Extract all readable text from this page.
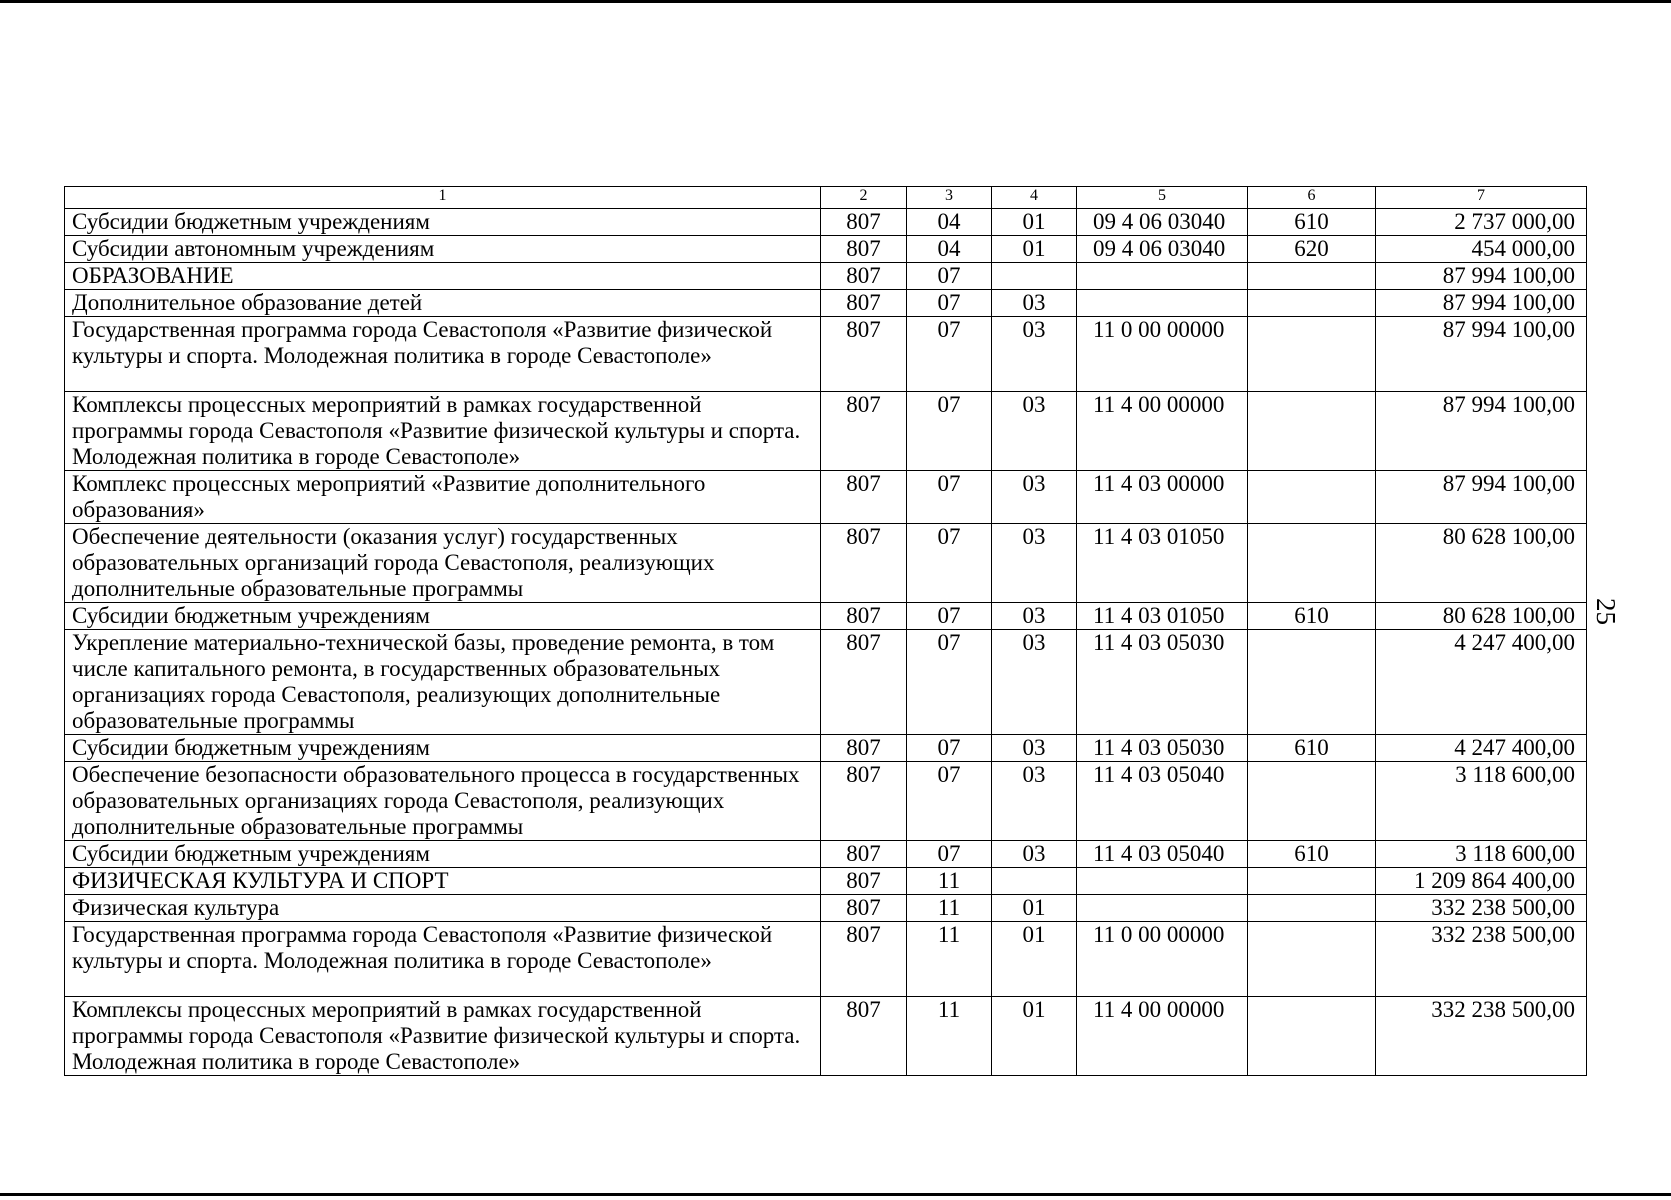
1	2	3	4	5	6	7
Субсидии бюджетным учреждениям	807	04	01	09 4 06 03040	610	2 737 000,00
Субсидии автономным учреждениям	807	04	01	09 4 06 03040	620	454 000,00
ОБРАЗОВАНИЕ	807	07				87 994 100,00
Дополнительное образование детей	807	07	03			87 994 100,00
Государственная программа города Севастополя «Развитие физической культуры и спорта. Молодежная политика в городе Севастополе»	807	07	03	11 0 00 00000		87 994 100,00
Комплексы процессных мероприятий в рамках государственной программы города Севастополя «Развитие физической культуры и спорта. Молодежная политика в городе Севастополе»	807	07	03	11 4 00 00000		87 994 100,00
Комплекс процессных мероприятий «Развитие дополнительного образования»	807	07	03	11 4 03 00000		87 994 100,00
Обеспечение деятельности (оказания услуг) государственных образовательных организаций города Севастополя, реализующих дополнительные образовательные программы	807	07	03	11 4 03 01050		80 628 100,00
Субсидии бюджетным учреждениям	807	07	03	11 4 03 01050	610	80 628 100,00
Укрепление материально-технической базы, проведение ремонта, в том числе капитального ремонта, в государственных образовательных организациях города Севастополя, реализующих дополнительные образовательные программы	807	07	03	11 4 03 05030		4 247 400,00
Субсидии бюджетным учреждениям	807	07	03	11 4 03 05030	610	4 247 400,00
Обеспечение безопасности образовательного процесса в государственных образовательных организациях города Севастополя, реализующих дополнительные образовательные программы	807	07	03	11 4 03 05040		3 118 600,00
Субсидии бюджетным учреждениям	807	07	03	11 4 03 05040	610	3 118 600,00
ФИЗИЧЕСКАЯ КУЛЬТУРА И СПОРТ	807	11				1 209 864 400,00
Физическая культура	807	11	01			332 238 500,00
Государственная программа города Севастополя «Развитие физической культуры и спорта. Молодежная политика в городе Севастополе»	807	11	01	11 0 00 00000		332 238 500,00
Комплексы процессных мероприятий в рамках государственной программы города Севастополя «Развитие физической культуры и спорта. Молодежная политика в городе Севастополе»	807	11	01	11 4 00 00000		332 238 500,00
25
